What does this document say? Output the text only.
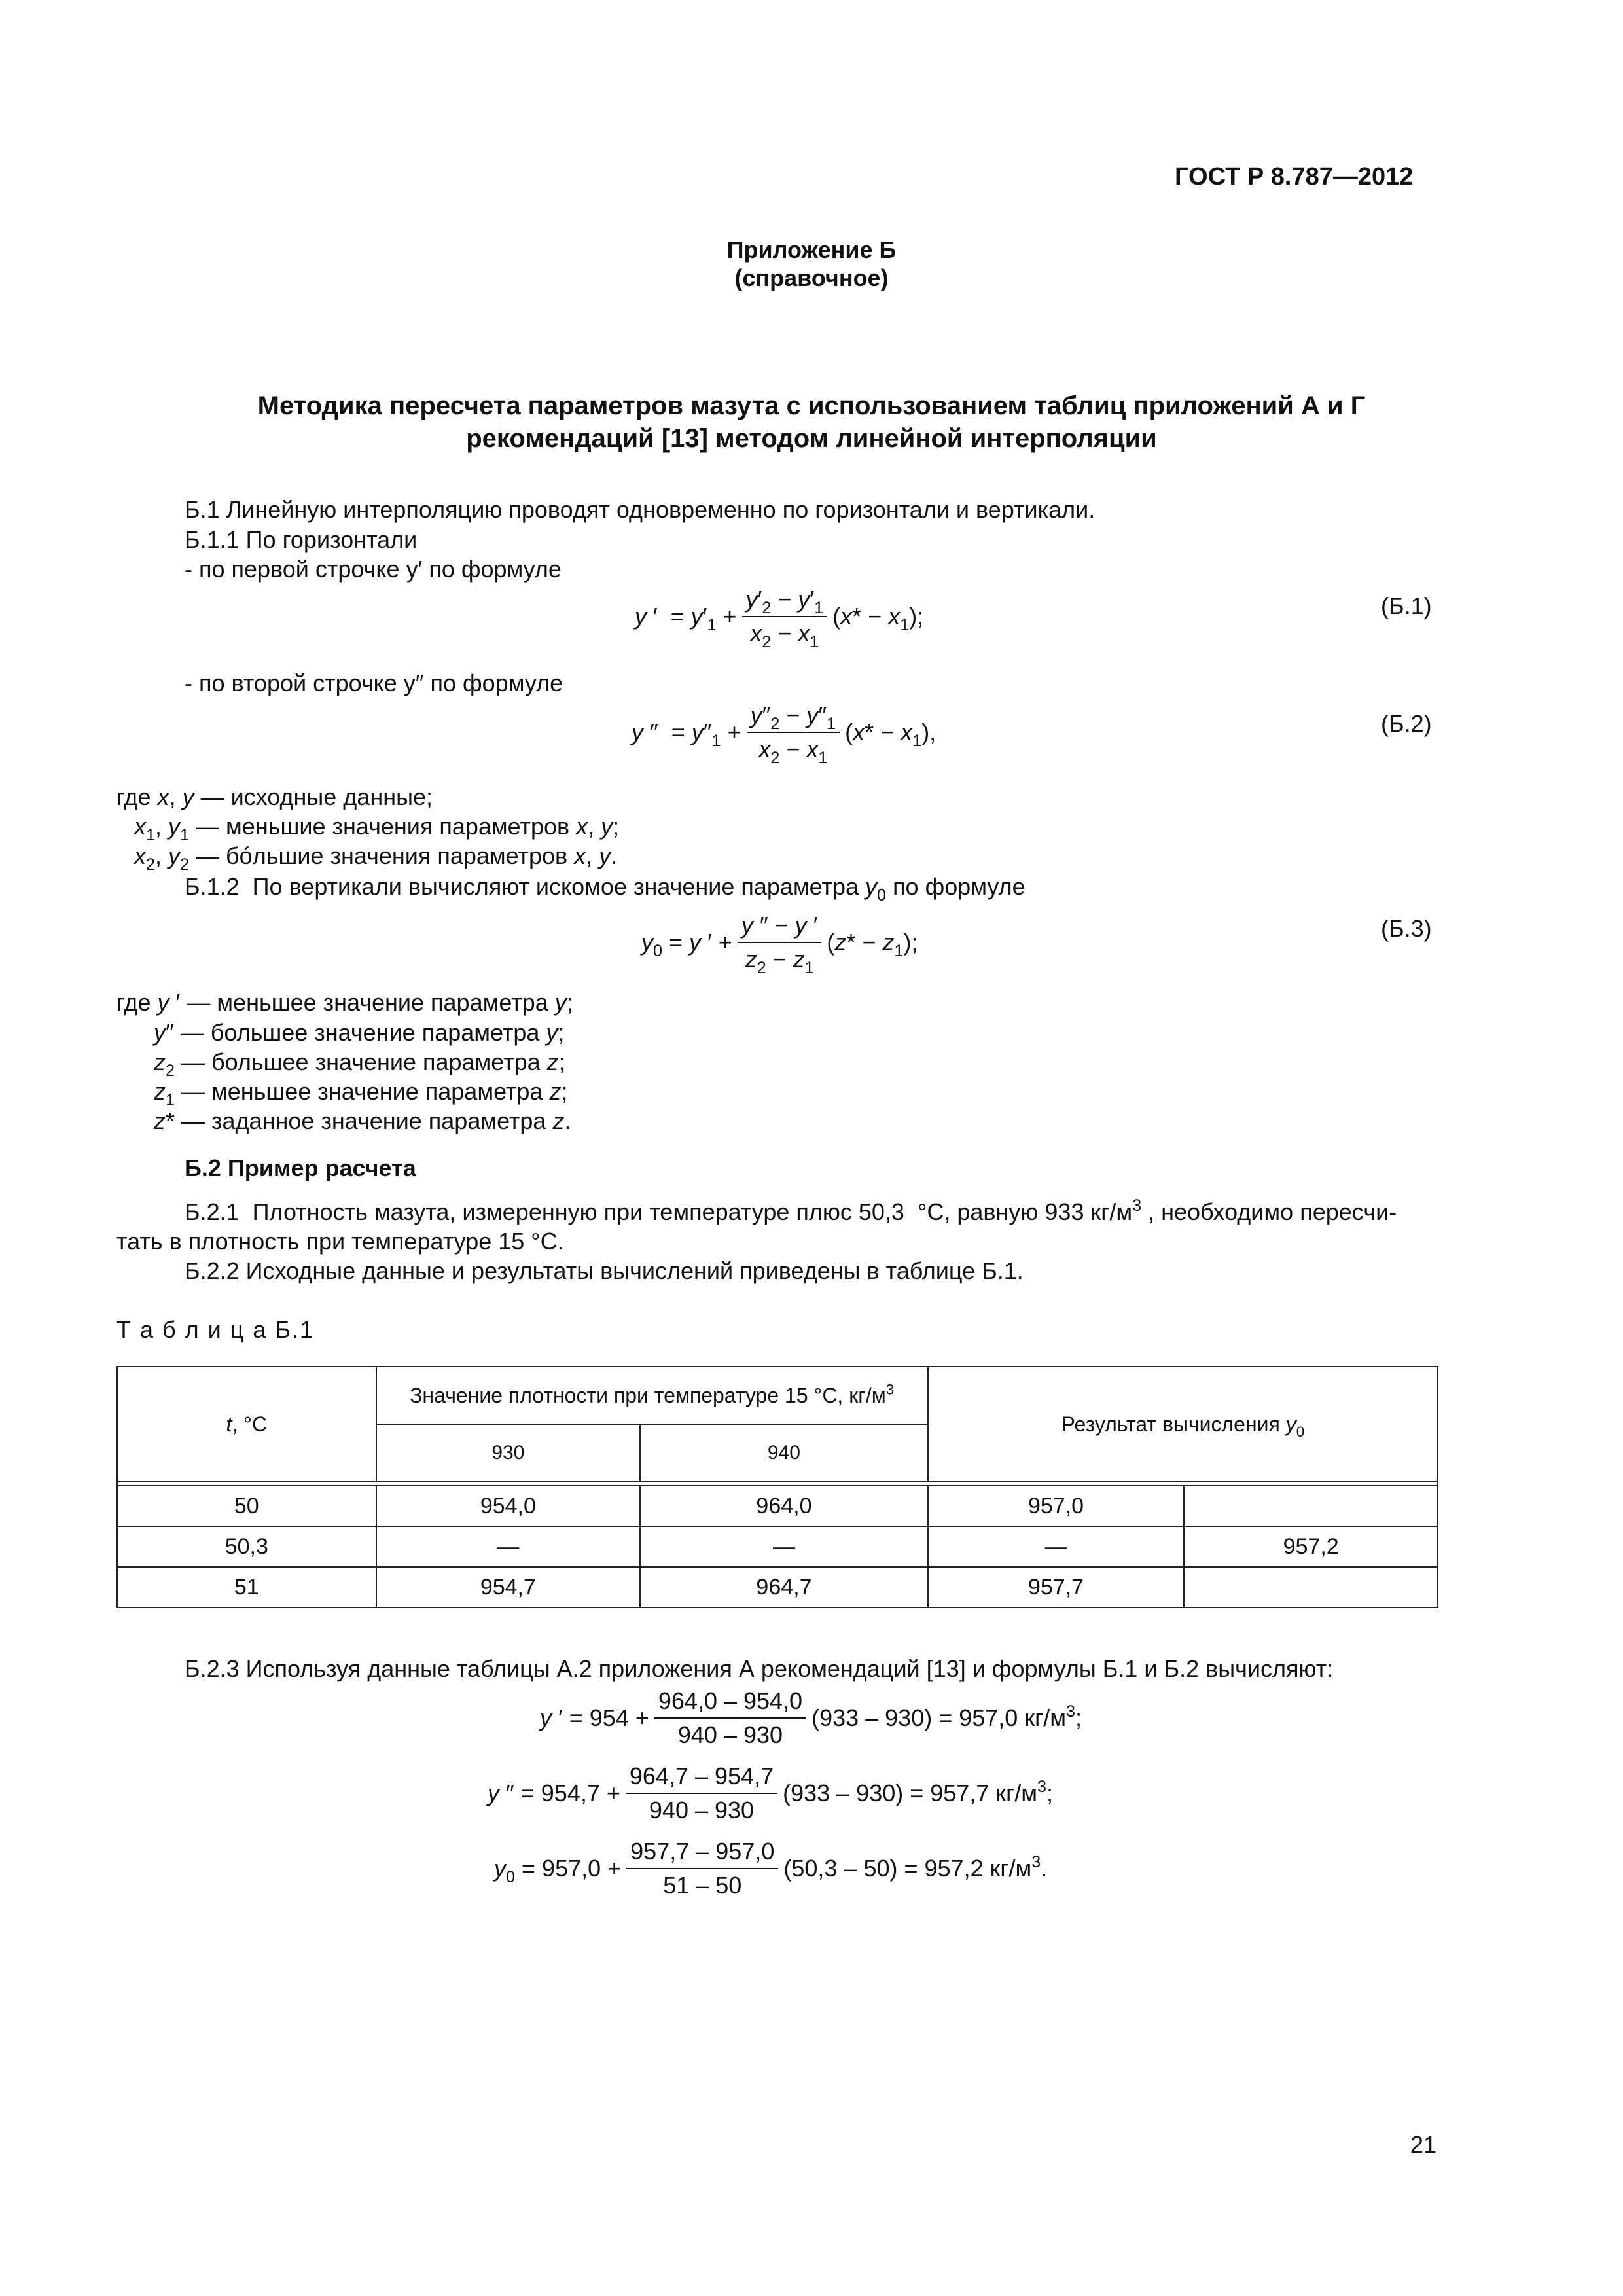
ГОСТ Р 8.787—2012
Приложение Б
(справочное)
Методика пересчета параметров мазута с использованием таблиц приложений А и Г
рекомендаций [13] методом линейной интерполяции
Б.1 Линейную интерполяцию проводят одновременно по горизонтали и вертикали.
Б.1.1 По горизонтали
- по первой строчке y′ по формуле
y ′  = $y'_1 + \frac{y'_2 - y'_1}{x_2 - x_1} (x* - x_1)$;	(Б.1)
- по второй строчке y″ по формуле
y ″  = $y''_1 + \frac{y''_2 - y''_1}{x_2 - x_1} (x* - x_1)$,	(Б.2)
где x, y — исходные данные;
$x_1$, $y_1$ — меньшие значения параметров x, y;
$x_2$, $y_2$ — бóльшие значения параметров x, y.
Б.1.2  По вертикали вычисляют искомое значение параметра $y_0$ по формуле
$y_0 = y$ ′ + $\frac{y '' - y '}{z_2 - z_1} (z* - z_1)$;
(Б.3)
где y ′ — меньшее значение параметра y;
y″ — большее значение параметра y;
$z_2$ — большее значение параметра z;
$z_1$ — меньшее значение параметра z;
z* — заданное значение параметра z.
Б.2 Пример расчета
Б.2.1  Плотность мазута, измеренную при температуре плюс 50,3  °С, равную 933 $кг/м^3$ , необходимо пересчи-
тать в плотность при температуре 15 °С.
Б.2.2 Исходные данные и результаты вычислений приведены в таблице Б.1.
Т а б л и ц а Б.1
t, °С	Значение плотности при температуре 15 °С, $кг/м^3$		Результат вычисления $y_0$
	930	940		

50	954,0	964,0	957,0	
50,3	—	—	—	957,2
51	954,7	964,7	957,7	
Б.2.3 Используя данные таблицы А.2 приложения А рекомендаций [13] и формулы Б.1 и Б.2 вычисляют:
y ′ = $954 + \frac{964,0 - 954,0}{940 - 930} (933 - 930) = 957,0$ $кг/м^3$;
y ″ = $954,7 + \frac{964,7 - 954,7}{940 - 930} (933 - 930) = 957,7$ $кг/м^3$;
$y_0 = 957,0 + \frac{957,7 - 957,0}{51 - 50} (50,3 - 50) = 957,2$ $кг/м^3$.
21
